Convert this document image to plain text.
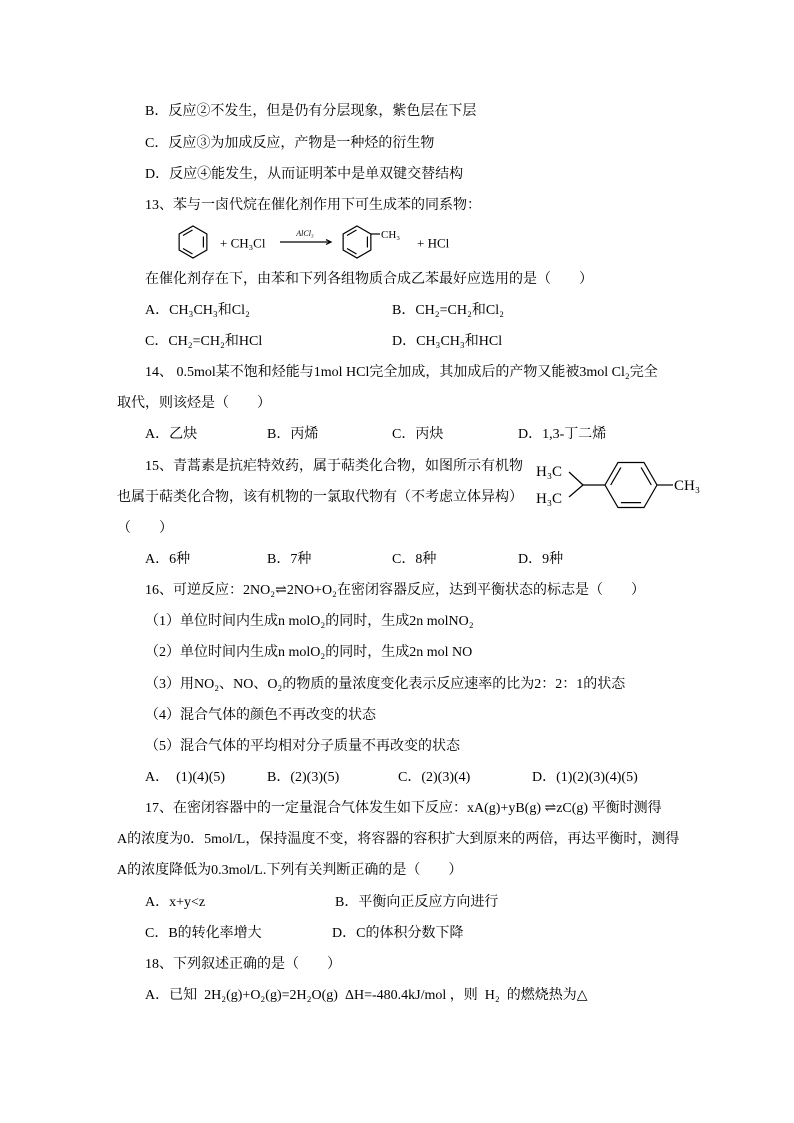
B．反应②不发生，但是仍有分层现象，紫色层在下层
C．反应③为加成反应，产物是一种烃的衍生物
D．反应④能发生，从而证明苯中是单双键交替结构
13、苯与一卤代烷在催化剂作用下可生成苯的同系物：
+ CH₃Cl
AlCl₃	CH₃
+ HCl
在催化剂存在下，由苯和下列各组物质合成乙苯最好应选用的是（　　）

A．CH₃CH₃和Cl₂

	B．CH₂=CH₂和Cl₂

C．CH₂=CH₂和HCl

	D．CH₃CH₃和HCl

14、 0.5mol某不饱和烃能与1mol HCl完全加成，其加成后的产物又能被3mol Cl₂完全
取代，则该烃是（　　）

A．乙炔

	B．丙烯

	C．丙炔

	D．1,3-丁二烯

15、青蒿素是抗疟特效药，属于萜类化合物，如图所示有机物
也属于萜类化合物，该有机物的一氯取代物有（不考虑立体异构）
（　　）

A．6种

	B．7种

	C．8种

	D．9种

16、可逆反应：2NO₂⇌2NO+O₂在密闭容器反应，达到平衡状态的标志是（　　）
（1）单位时间内生成n molO₂的同时，生成2n molNO₂
（2）单位时间内生成n molO₂的同时，生成2n mol NO
（3）用NO₂、NO、O₂的物质的量浓度变化表示反应速率的比为2：2：1的状态
（4）混合气体的颜色不再改变的状态
（5）混合气体的平均相对分子质量不再改变的状态

A．  (1)(4)(5)

	B．(2)(3)(5)

	C．(2)(3)(4)

	D．(1)(2)(3)(4)(5)

17、在密闭容器中的一定量混合气体发生如下反应：xA(g)+yB(g) ⇌zC(g) 平衡时测得
A的浓度为0．5mol/L，保持温度不变，将容器的容积扩大到原来的两倍，再达平衡时，测得
A的浓度降低为0.3mol/L.下列有关判断正确的是（　　）

A．x+y<z

	B．平衡向正反应方向进行

C．B的转化率增大

	D．C的体积分数下降

18、下列叙述正确的是（　　）
A．已知  2H₂(g)+O₂(g)=2H₂O(g)  ΔH=-480.4kJ/mol ，则  H₂  的燃烧热为△
H₃C
H₃C
CH₃
